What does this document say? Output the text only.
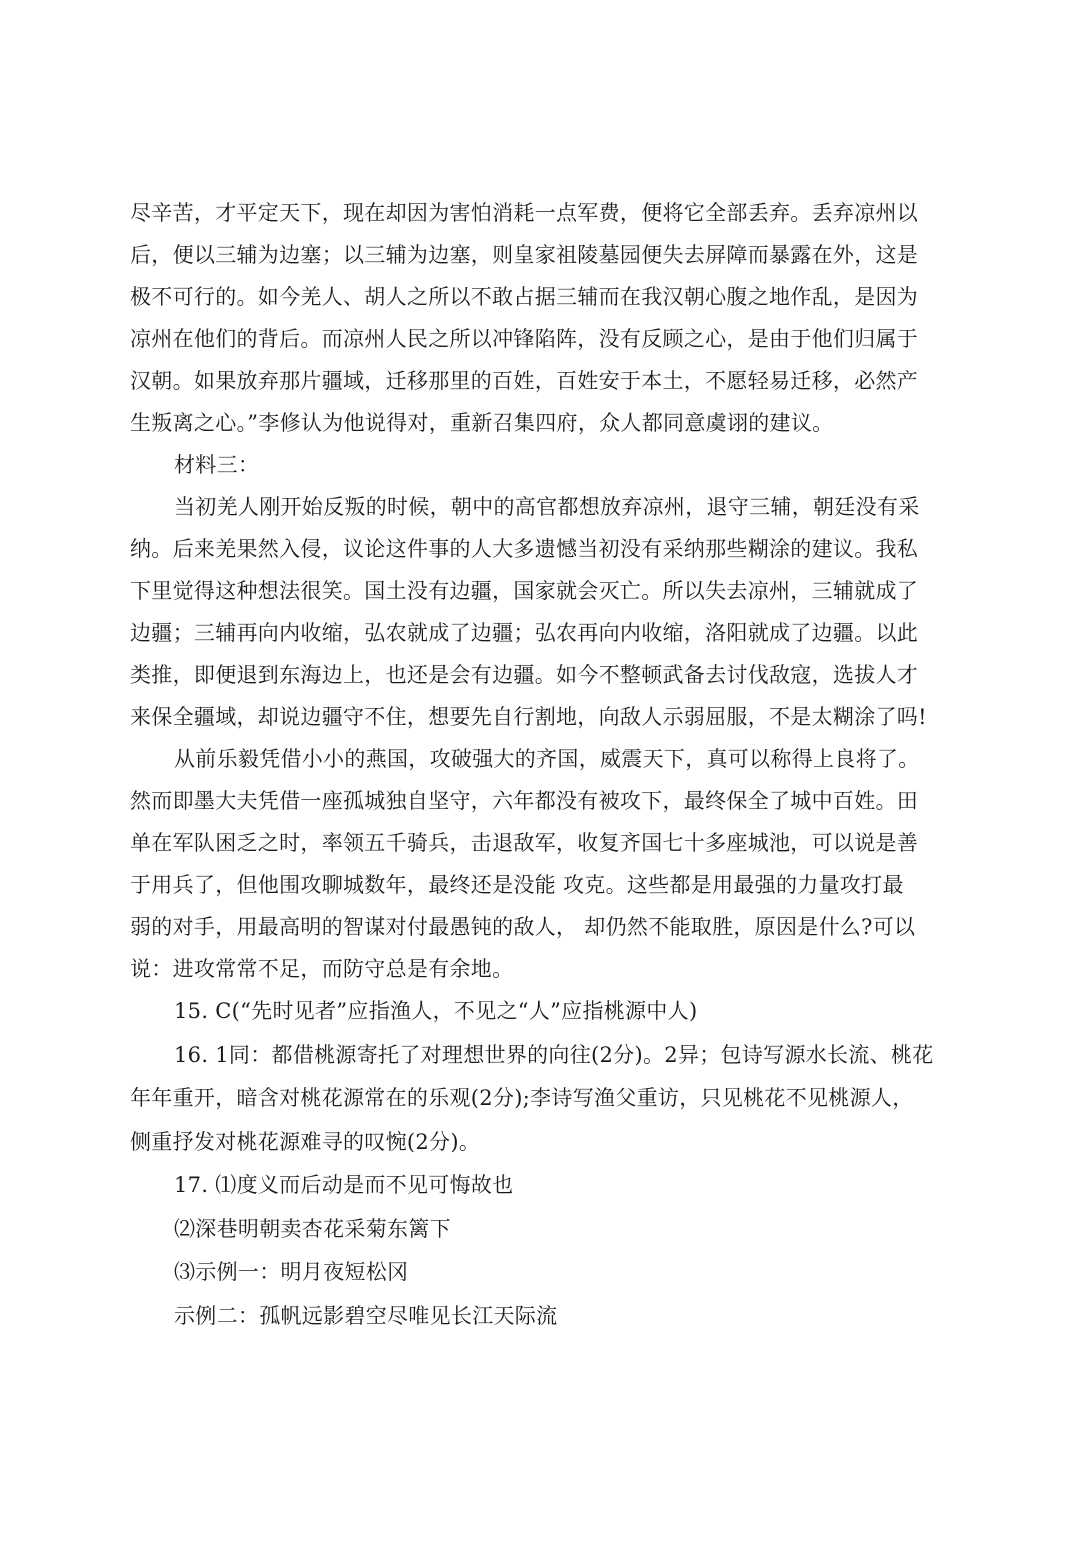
尽辛苦，才平定天下，现在却因为害怕消耗一点军费，便将它全部丢弃。丢弃凉州以
后，便以三辅为边塞；以三辅为边塞，则皇家祖陵墓园便失去屏障而暴露在外，这是
极不可行的。如今羌人、胡人之所以不敢占据三辅而在我汉朝心腹之地作乱，是因为
凉州在他们的背后。而凉州人民之所以冲锋陷阵，没有反顾之心，是由于他们归属于
汉朝。如果放弃那片疆域，迁移那里的百姓，百姓安于本土，不愿轻易迁移，必然产
生叛离之心。”李修认为他说得对，重新召集四府，众人都同意虞诩的建议。
材料三：
当初羌人刚开始反叛的时候，朝中的高官都想放弃凉州，退守三辅，朝廷没有采
纳。后来羌果然入侵，议论这件事的人大多遗憾当初没有采纳那些糊涂的建议。我私
下里觉得这种想法很笑。国土没有边疆，国家就会灭亡。所以失去凉州，三辅就成了
边疆；三辅再向内收缩，弘农就成了边疆；弘农再向内收缩，洛阳就成了边疆。以此
类推，即便退到东海边上，也还是会有边疆。如今不整顿武备去讨伐敌寇，选拔人才
来保全疆域，却说边疆守不住，想要先自行割地，向敌人示弱屈服，不是太糊涂了吗!
从前乐毅凭借小小的燕国，攻破强大的齐国，威震天下，真可以称得上良将了。
然而即墨大夫凭借一座孤城独自坚守，六年都没有被攻下，最终保全了城中百姓。田
单在军队困乏之时，率领五千骑兵，击退敌军，收复齐国七十多座城池，可以说是善
于用兵了，但他围攻聊城数年，最终还是没能 攻克。这些都是用最强的力量攻打最
弱的对手，用最高明的智谋对付最愚钝的敌人， 却仍然不能取胜，原因是什么?可以
说：进攻常常不足，而防守总是有余地。
15. C(“先时见者”应指渔人，不见之“人”应指桃源中人)
16. 1同：都借桃源寄托了对理想世界的向往(2分)。2异；包诗写源水长流、桃花
年年重开，暗含对桃花源常在的乐观(2分);李诗写渔父重访，只见桃花不见桃源人，
侧重抒发对桃花源难寻的叹惋(2分)。
17. ⑴度义而后动是而不见可悔故也
⑵深巷明朝卖杏花采菊东篱下
⑶示例一：明月夜短松冈
示例二：孤帆远影碧空尽唯见长江天际流
